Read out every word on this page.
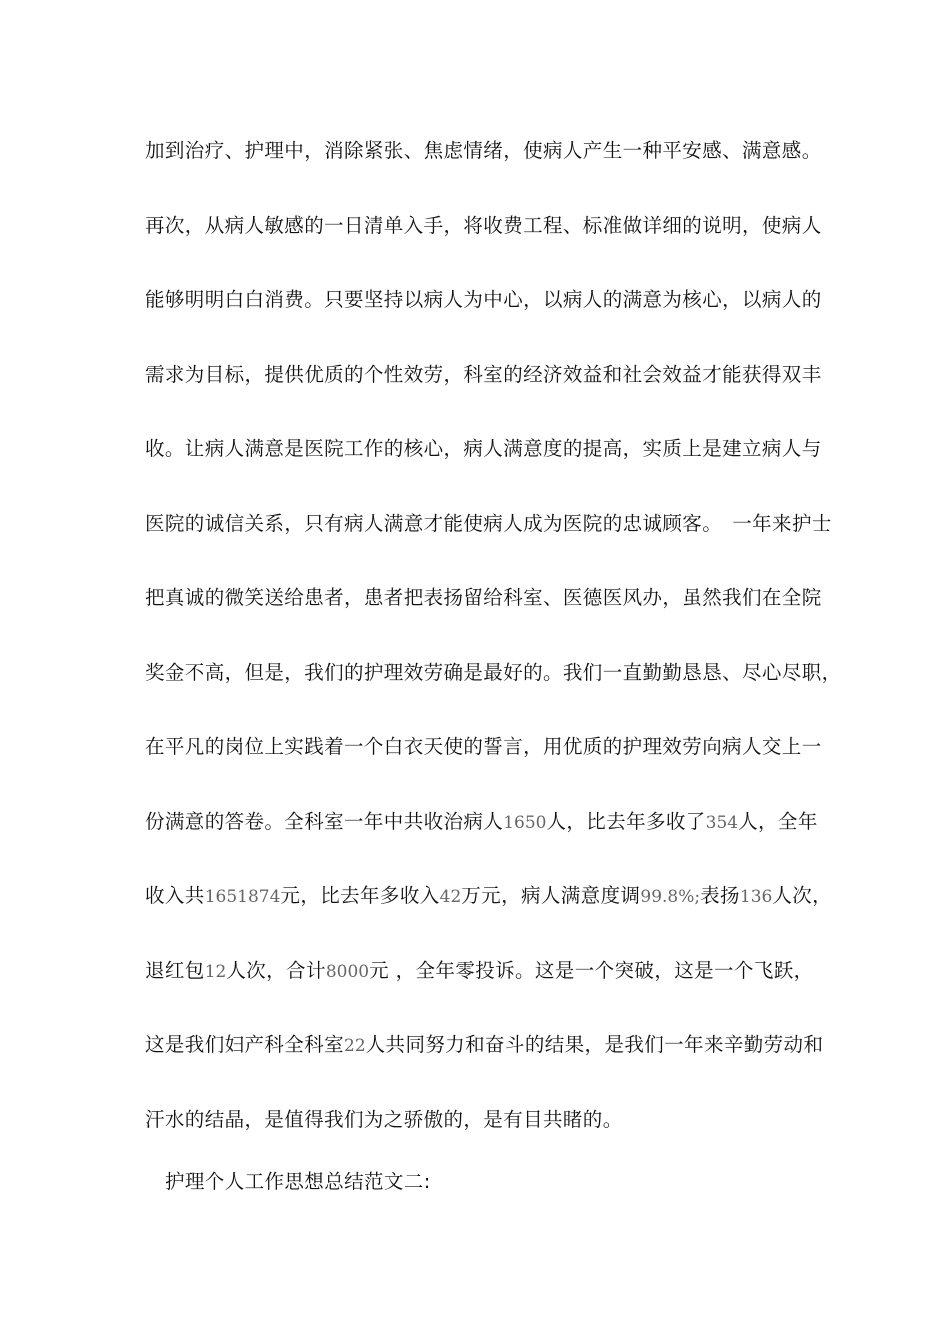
加到治疗、护理中，消除紧张、焦虑情绪，使病人产生一种平安感、满意感。
再次，从病人敏感的一日清单入手，将收费工程、标准做详细的说明，使病人
能够明明白白消费。只要坚持以病人为中心，以病人的满意为核心，以病人的
需求为目标，提供优质的个性效劳，科室的经济效益和社会效益才能获得双丰
收。让病人满意是医院工作的核心，病人满意度的提高，实质上是建立病人与
医院的诚信关系，只有病人满意才能使病人成为医院的忠诚顾客。　一年来护士
把真诚的微笑送给患者，患者把表扬留给科室、医德医风办，虽然我们在全院
奖金不高，但是，我们的护理效劳确是最好的。我们一直勤勤恳恳、尽心尽职，
在平凡的岗位上实践着一个白衣天使的誓言，用优质的护理效劳向病人交上一
份满意的答卷。全科室一年中共收治病人1650人，比去年多收了354人，全年
收入共1651874元，比去年多收入42万元，病人满意度调99.8%;表扬136人次，
退红包12人次，合计8000元 ，全年零投诉。这是一个突破，这是一个飞跃，
这是我们妇产科全科室22人共同努力和奋斗的结果，是我们一年来辛勤劳动和
汗水的结晶，是值得我们为之骄傲的，是有目共睹的。
护理个人工作思想总结范文二:
